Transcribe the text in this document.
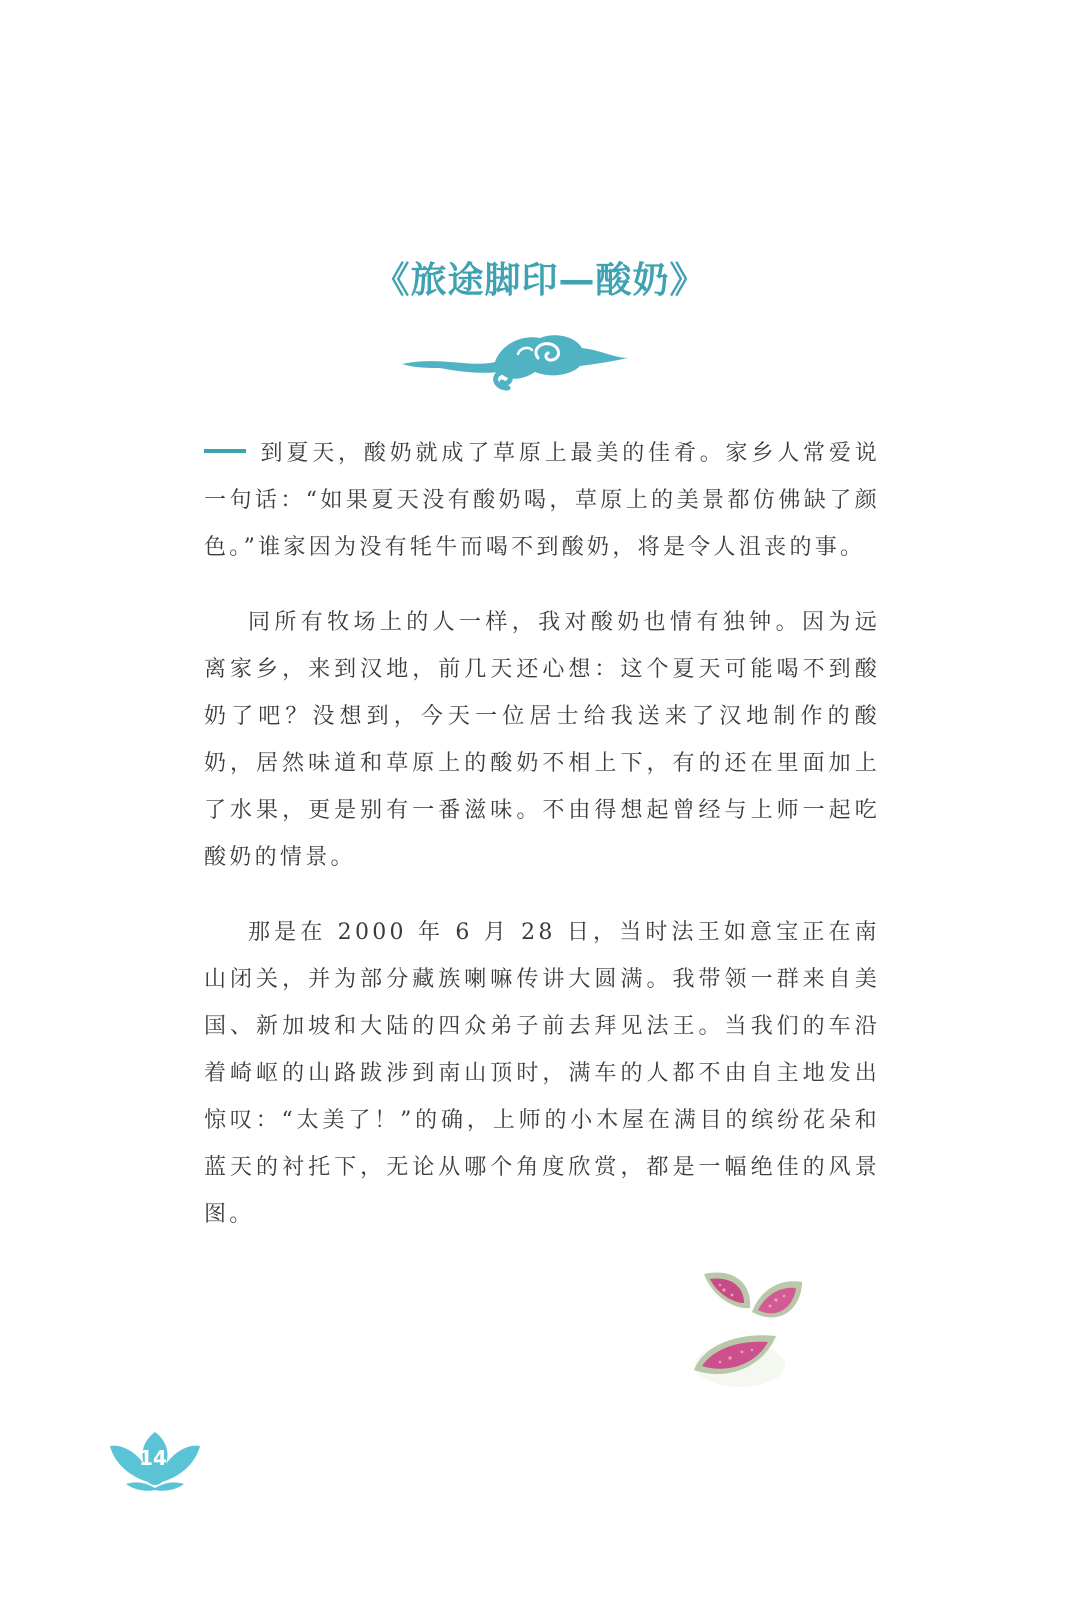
《旅途脚印—酸奶》

到夏天，酸奶就成了草原上最美的佳肴。家乡人常爱说一句话：“如果夏天没有酸奶喝，草原上的美景都仿佛缺了颜色。”谁家因为没有牦牛而喝不到酸奶，将是令人沮丧的事。

同所有牧场上的人一样，我对酸奶也情有独钟。因为远离家乡，来到汉地，前几天还心想：这个夏天可能喝不到酸奶了吧？没想到，今天一位居士给我送来了汉地制作的酸奶，居然味道和草原上的酸奶不相上下，有的还在里面加上了水果，更是别有一番滋味。不由得想起曾经与上师一起吃酸奶的情景。

那是在 2000 年 6 月 28 日，当时法王如意宝正在南山闭关，并为部分藏族喇嘛传讲大圆满。我带领一群来自美国、新加坡和大陆的四众弟子前去拜见法王。当我们的车沿着崎岖的山路跋涉到南山顶时，满车的人都不由自主地发出惊叹：“太美了！”的确，上师的小木屋在满目的缤纷花朵和蓝天的衬托下，无论从哪个角度欣赏，都是一幅绝佳的风景图。

14
